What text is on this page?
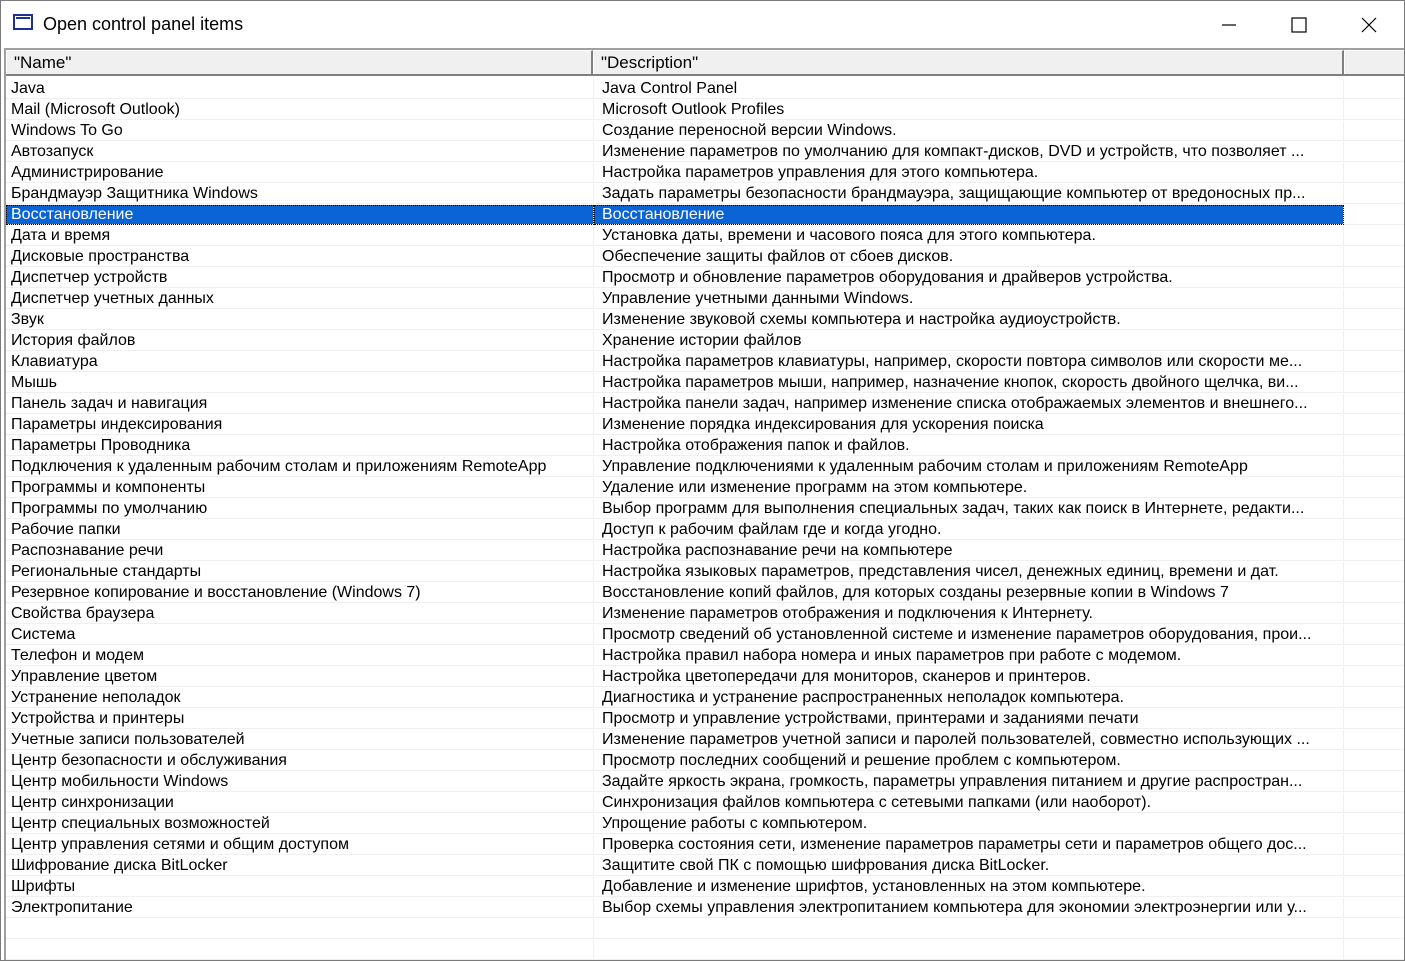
Open control panel items
"Name"	"Description"
Java	Java Control Panel
Mail (Microsoft Outlook)	Microsoft Outlook Profiles
Windows To Go	Создание переносной версии Windows.
Автозапуск	Изменение параметров по умолчанию для компакт-дисков, DVD и устройств, что позволяет ...
Администрирование	Настройка параметров управления для этого компьютера.
Брандмауэр Защитника Windows	Задать параметры безопасности брандмауэра, защищающие компьютер от вредоносных пр...
Восстановление	Восстановление
Дата и время	Установка даты, времени и часового пояса для этого компьютера.
Дисковые пространства	Обеспечение защиты файлов от сбоев дисков.
Диспетчер устройств	Просмотр и обновление параметров оборудования и драйверов устройства.
Диспетчер учетных данных	Управление учетными данными Windows.
Звук	Изменение звуковой схемы компьютера и настройка аудиоустройств.
История файлов	Хранение истории файлов
Клавиатура	Настройка параметров клавиатуры, например, скорости повтора символов или скорости ме...
Мышь	Настройка параметров мыши, например, назначение кнопок, скорость двойного щелчка, ви...
Панель задач и навигация	Настройка панели задач, например изменение списка отображаемых элементов и внешнего...
Параметры индексирования	Изменение порядка индексирования для ускорения поиска
Параметры Проводника	Настройка отображения папок и файлов.
Подключения к удаленным рабочим столам и приложениям RemoteApp	Управление подключениями к удаленным рабочим столам и приложениям RemoteApp
Программы и компоненты	Удаление или изменение программ на этом компьютере.
Программы по умолчанию	Выбор программ для выполнения специальных задач, таких как поиск в Интернете, редакти...
Рабочие папки	Доступ к рабочим файлам где и когда угодно.
Распознавание речи	Настройка распознавание речи на компьютере
Региональные стандарты	Настройка языковых параметров, представления чисел, денежных единиц, времени и дат.
Резервное копирование и восстановление (Windows 7)	Восстановление копий файлов, для которых созданы резервные копии в Windows 7
Свойства браузера	Изменение параметров отображения и подключения к Интернету.
Система	Просмотр сведений об установленной системе и изменение параметров оборудования, прои...
Телефон и модем	Настройка правил набора номера и иных параметров при работе с модемом.
Управление цветом	Настройка цветопередачи для мониторов, сканеров и принтеров.
Устранение неполадок	Диагностика и устранение распространенных неполадок компьютера.
Устройства и принтеры	Просмотр и управление устройствами, принтерами и заданиями печати
Учетные записи пользователей	Изменение параметров учетной записи и паролей пользователей, совместно использующих ...
Центр безопасности и обслуживания	Просмотр последних сообщений и решение проблем с компьютером.
Центр мобильности Windows	Задайте яркость экрана, громкость, параметры управления питанием и другие распростран...
Центр синхронизации	Синхронизация файлов компьютера с сетевыми папками (или наоборот).
Центр специальных возможностей	Упрощение работы с компьютером.
Центр управления сетями и общим доступом	Проверка состояния сети, изменение параметров параметры сети и параметров общего дос...
Шифрование диска BitLocker	Защитите свой ПК с помощью шифрования диска BitLocker.
Шрифты	Добавление и изменение шрифтов, установленных на этом компьютере.
Электропитание	Выбор схемы управления электропитанием компьютера для экономии электроэнергии или у...
